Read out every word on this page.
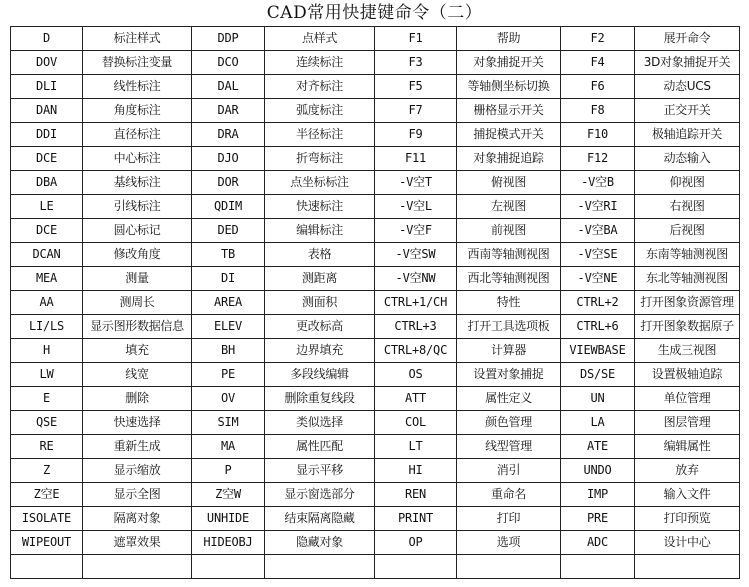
CAD常用快捷键命令（二）
D	标注样式	DDP	点样式	F1	帮助	F2	展开命令
DOV	替换标注变量	DCO	连续标注	F3	对象捕捉开关	F4	3D对象捕捉开关
DLI	线性标注	DAL	对齐标注	F5	等轴侧坐标切换	F6	动态UCS
DAN	角度标注	DAR	弧度标注	F7	栅格显示开关	F8	正交开关
DDI	直径标注	DRA	半径标注	F9	捕捉模式开关	F10	极轴追踪开关
DCE	中心标注	DJO	折弯标注	F11	对象捕捉追踪	F12	动态输入
DBA	基线标注	DOR	点坐标标注	-V空T	俯视图	-V空B	仰视图
LE	引线标注	QDIM	快速标注	-V空L	左视图	-V空RI	右视图
DCE	圆心标记	DED	编辑标注	-V空F	前视图	-V空BA	后视图
DCAN	修改角度	TB	表格	-V空SW	西南等轴测视图	-V空SE	东南等轴测视图
MEA	测量	DI	测距离	-V空NW	西北等轴测视图	-V空NE	东北等轴测视图
AA	测周长	AREA	测面积	CTRL+1/CH	特性	CTRL+2	打开图象资源管理
LI/LS	显示图形数据信息	ELEV	更改标高	CTRL+3	打开工具选项板	CTRL+6	打开图象数据原子
H	填充	BH	边界填充	CTRL+8/QC	计算器	VIEWBASE	生成三视图
LW	线宽	PE	多段线编辑	OS	设置对象捕捉	DS/SE	设置极轴追踪
E	删除	OV	删除重复线段	ATT	属性定义	UN	单位管理
QSE	快速选择	SIM	类似选择	COL	颜色管理	LA	图层管理
RE	重新生成	MA	属性匹配	LT	线型管理	ATE	编辑属性
Z	显示缩放	P	显示平移	HI	消引	UNDO	放弃
Z空E	显示全图	Z空W	显示窗选部分	REN	重命名	IMP	输入文件
ISOLATE	隔离对象	UNHIDE	结束隔离隐藏	PRINT	打印	PRE	打印预览
WIPEOUT	遮罩效果	HIDEOBJ	隐藏对象	OP	选项	ADC	设计中心
